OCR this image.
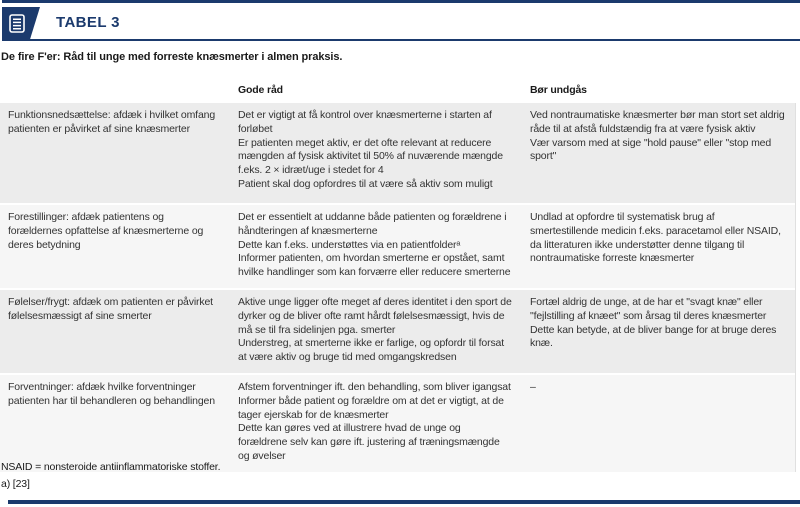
TABEL 3
De fire F'er: Råd til unge med forreste knæsmerter i almen praksis.
Gode råd	Bør undgås

Funktionsnedsættelse: afdæk i hvilket omfang patienten er påvirket af sine knæsmerter

Det er vigtigt at få kontrol over knæsmerterne i starten af forløbet

Er patienten meget aktiv, er det ofte relevant at reducere mængden af fysisk aktivitet til 50% af nuværende mængde f.eks. 2 × idræt/uge i stedet for 4

Patient skal dog opfordres til at være så aktiv som muligt

Ved nontraumatiske knæsmerter bør man stort set aldrig råde til at afstå fuldstændig fra at være fysisk aktiv

Vær varsom med at sige "hold pause" eller "stop med sport"

Forestillinger: afdæk patientens og forældernes opfattelse af knæsmerterne og deres betydning

Det er essentielt at uddanne både patienten og forældrene i håndteringen af knæsmerterne

Dette kan f.eks. understøttes via en patientfolderᵃ

Informer patienten, om hvordan smerterne er opstået, samt hvilke handlinger som kan forværre eller reducere smerterne

Undlad at opfordre til systematisk brug af smertestillende medicin f.eks. paracetamol eller NSAID, da litteraturen ikke understøtter denne tilgang til nontraumatiske forreste knæsmerter

Følelser/frygt: afdæk om patienten er påvirket følelsesmæssigt af sine smerter

Aktive unge ligger ofte meget af deres identitet i den sport de dyrker og de bliver ofte ramt hårdt følelsesmæssigt, hvis de må se til fra sidelinjen pga. smerter

Understreg, at smerterne ikke er farlige, og opfordr til forsat at være aktiv og bruge tid med omgangskredsen

Fortæl aldrig de unge, at de har et "svagt knæ" eller "fejlstilling af knæet" som årsag til deres knæsmerter

Dette kan betyde, at de bliver bange for at bruge deres knæ.

Forventninger: afdæk hvilke forventninger patienten har til behandleren og behandlingen

Afstem forventninger ift. den behandling, som bliver igangsat

Informer både patient og forældre om at det er vigtigt, at de tager ejerskab for de knæsmerter

Dette kan gøres ved at illustrere hvad de unge og forældrene selv kan gøre ift. justering af træningsmængde og øvelser

–

NSAID = nonsteroide antiinflammatoriske stoffer.
a) [23]
